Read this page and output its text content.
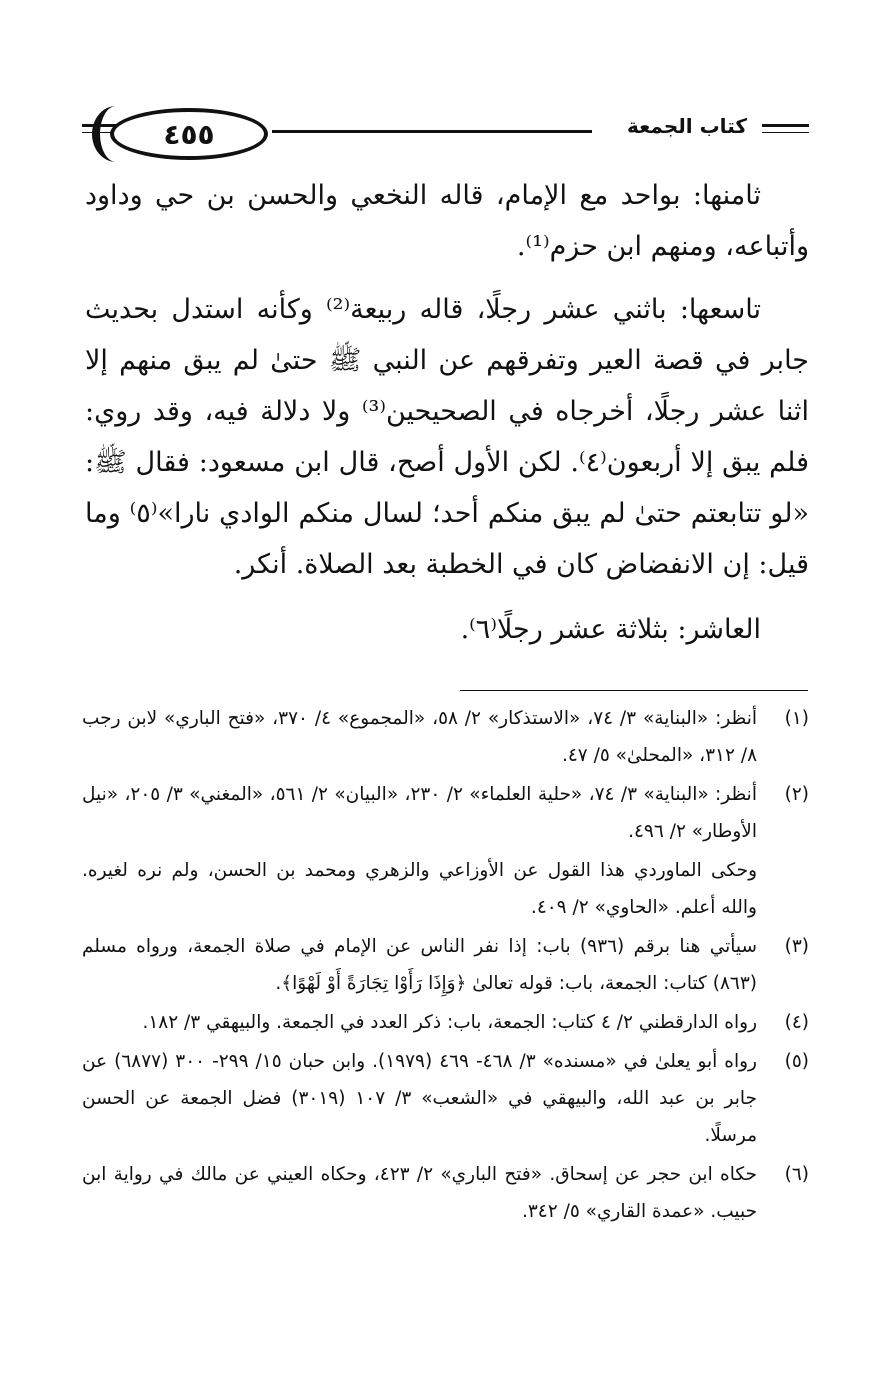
٤٥٥	كتاب الجمعة

ثامنها: بواحد مع الإمام، قاله النخعي والحسن بن حي وداود وأتباعه، ومنهم ابن حزم⁽¹⁾.

تاسعها: باثني عشر رجلًا، قاله ربيعة⁽²⁾ وكأنه استدل بحديث جابر في قصة العير وتفرقهم عن النبي ﷺ حتىٰ لم يبق منهم إلا اثنا عشر رجلًا، أخرجاه في الصحيحين⁽³⁾ ولا دلالة فيه، وقد روي: فلم يبق إلا أربعون⁽٤⁾. لكن الأول أصح، قال ابن مسعود: فقال ﷺ: «لو تتابعتم حتىٰ لم يبق منكم أحد؛ لسال منكم الوادي نارا»⁽٥⁾ وما قيل: إن الانفضاض كان في الخطبة بعد الصلاة. أنكر.

العاشر: بثلاثة عشر رجلًا⁽٦⁾.

(١)
أنظر: «البناية» ٣/ ٧٤، «الاستذكار» ٢/ ٥٨، «المجموع» ٤/ ٣٧٠، «فتح الباري» لابن رجب ٨/ ٣١٢، «المحلىٰ» ٥/ ٤٧.
(٢)
أنظر: «البناية» ٣/ ٧٤، «حلية العلماء» ٢/ ٢٣٠، «البيان» ٢/ ٥٦١، «المغني» ٣/ ٢٠٥، «نيل الأوطار» ٢/ ٤٩٦.
وحكى الماوردي هذا القول عن الأوزاعي والزهري ومحمد بن الحسن، ولم نره لغيره. والله أعلم. «الحاوي» ٢/ ٤٠٩.
(٣)
سيأتي هنا برقم (٩٣٦) باب: إذا نفر الناس عن الإمام في صلاة الجمعة، ورواه مسلم (٨٦٣) كتاب: الجمعة، باب: قوله تعالىٰ ﴿وَإِذَا رَأَوْا تِجَارَةً أَوْ لَهْوًا﴾.
(٤)
رواه الدارقطني ٢/ ٤ كتاب: الجمعة، باب: ذكر العدد في الجمعة. والبيهقي ٣/ ١٨٢.
(٥)
رواه أبو يعلىٰ في «مسنده» ٣/ ٤٦٨- ٤٦٩ (١٩٧٩). وابن حبان ١٥/ ٢٩٩- ٣٠٠ (٦٨٧٧) عن جابر بن عبد الله، والبيهقي في «الشعب» ٣/ ١٠٧ (٣٠١٩) فضل الجمعة عن الحسن مرسلًا.
(٦)
حكاه ابن حجر عن إسحاق. «فتح الباري» ٢/ ٤٢٣، وحكاه العيني عن مالك في رواية ابن حبيب. «عمدة القاري» ٥/ ٣٤٢.
